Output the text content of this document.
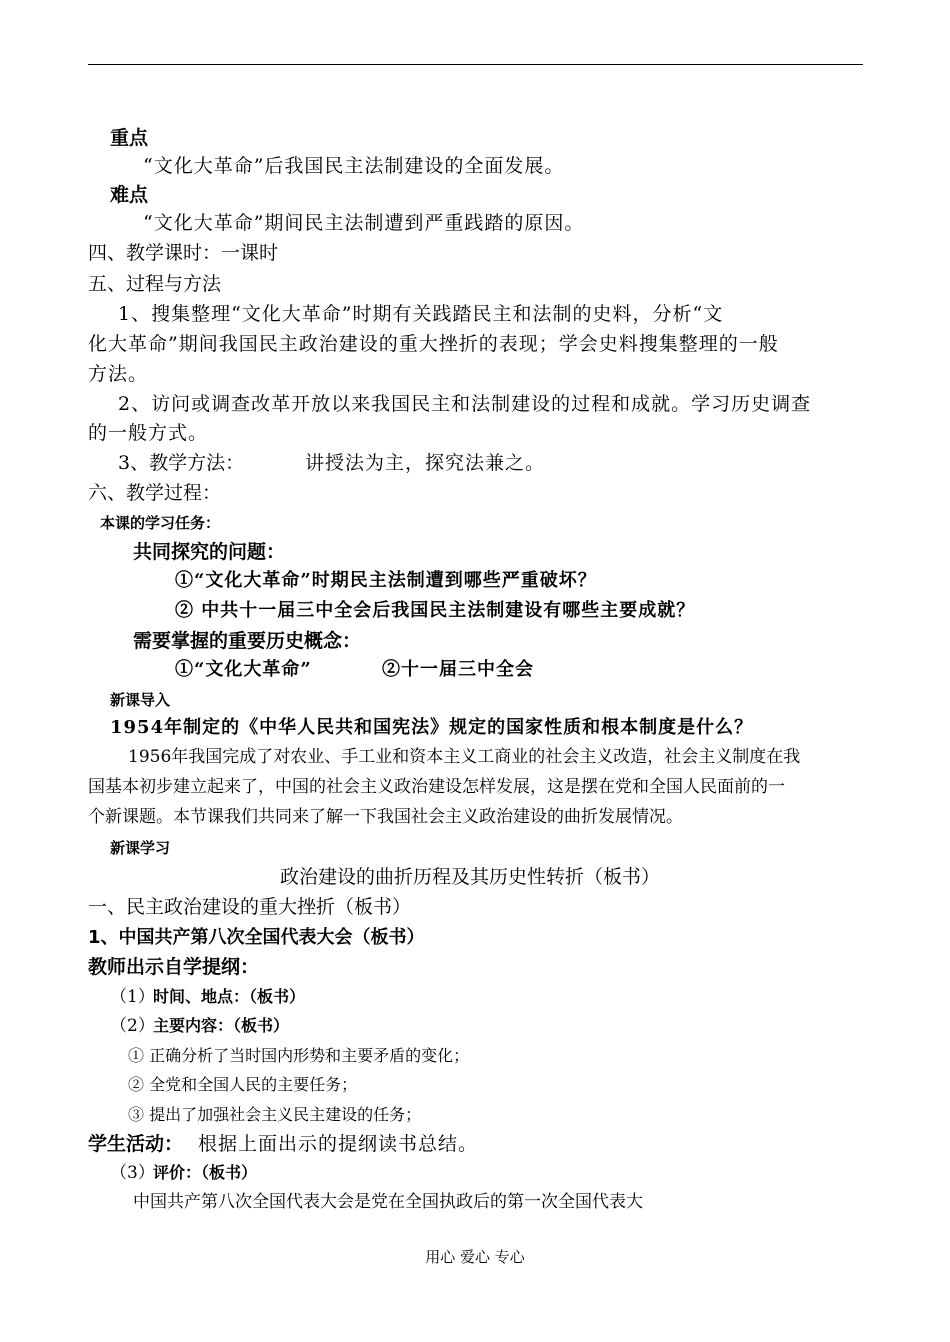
重点
“文化大革命”后我国民主法制建设的全面发展。
难点
“文化大革命”期间民主法制遭到严重践踏的原因。
四、教学课时：一课时
五、过程与方法
1、搜集整理“文化大革命”时期有关践踏民主和法制的史料，分析“文
化大革命”期间我国民主政治建设的重大挫折的表现；学会史料搜集整理的一般
方法。
2、访问或调查改革开放以来我国民主和法制建设的过程和成就。学习历史调查
的一般方式。
3、教学方法：	讲授法为主，探究法兼之。
六、教学过程：
本课的学习任务：
共同探究的问题：
①“文化大革命”时期民主法制遭到哪些严重破坏？
② 中共十一届三中全会后我国民主法制建设有哪些主要成就？
需要掌握的重要历史概念：
①“文化大革命”	②十一届三中全会
新课导入
1954年制定的《中华人民共和国宪法》规定的国家性质和根本制度是什么？
1956年我国完成了对农业、手工业和资本主义工商业的社会主义改造，社会主义制度在我
国基本初步建立起来了，中国的社会主义政治建设怎样发展，这是摆在党和全国人民面前的一
个新课题。本节课我们共同来了解一下我国社会主义政治建设的曲折发展情况。
新课学习
政治建设的曲折历程及其历史性转折（板书）
一、民主政治建设的重大挫折（板书）
1、中国共产第八次全国代表大会（板书）
教师出示自学提纲：
（1）
时间、地点：（板书）
（2）
主要内容：（板书）
① 正确分析了当时国内形势和主要矛盾的变化；
② 全党和全国人民的主要任务；
③ 提出了加强社会主义民主建设的任务；
学生活动： 根据上面出示的提纲读书总结。
（3）
评价：（板书）
中国共产第八次全国代表大会是党在全国执政后的第一次全国代表大
用心 爱心 专心
